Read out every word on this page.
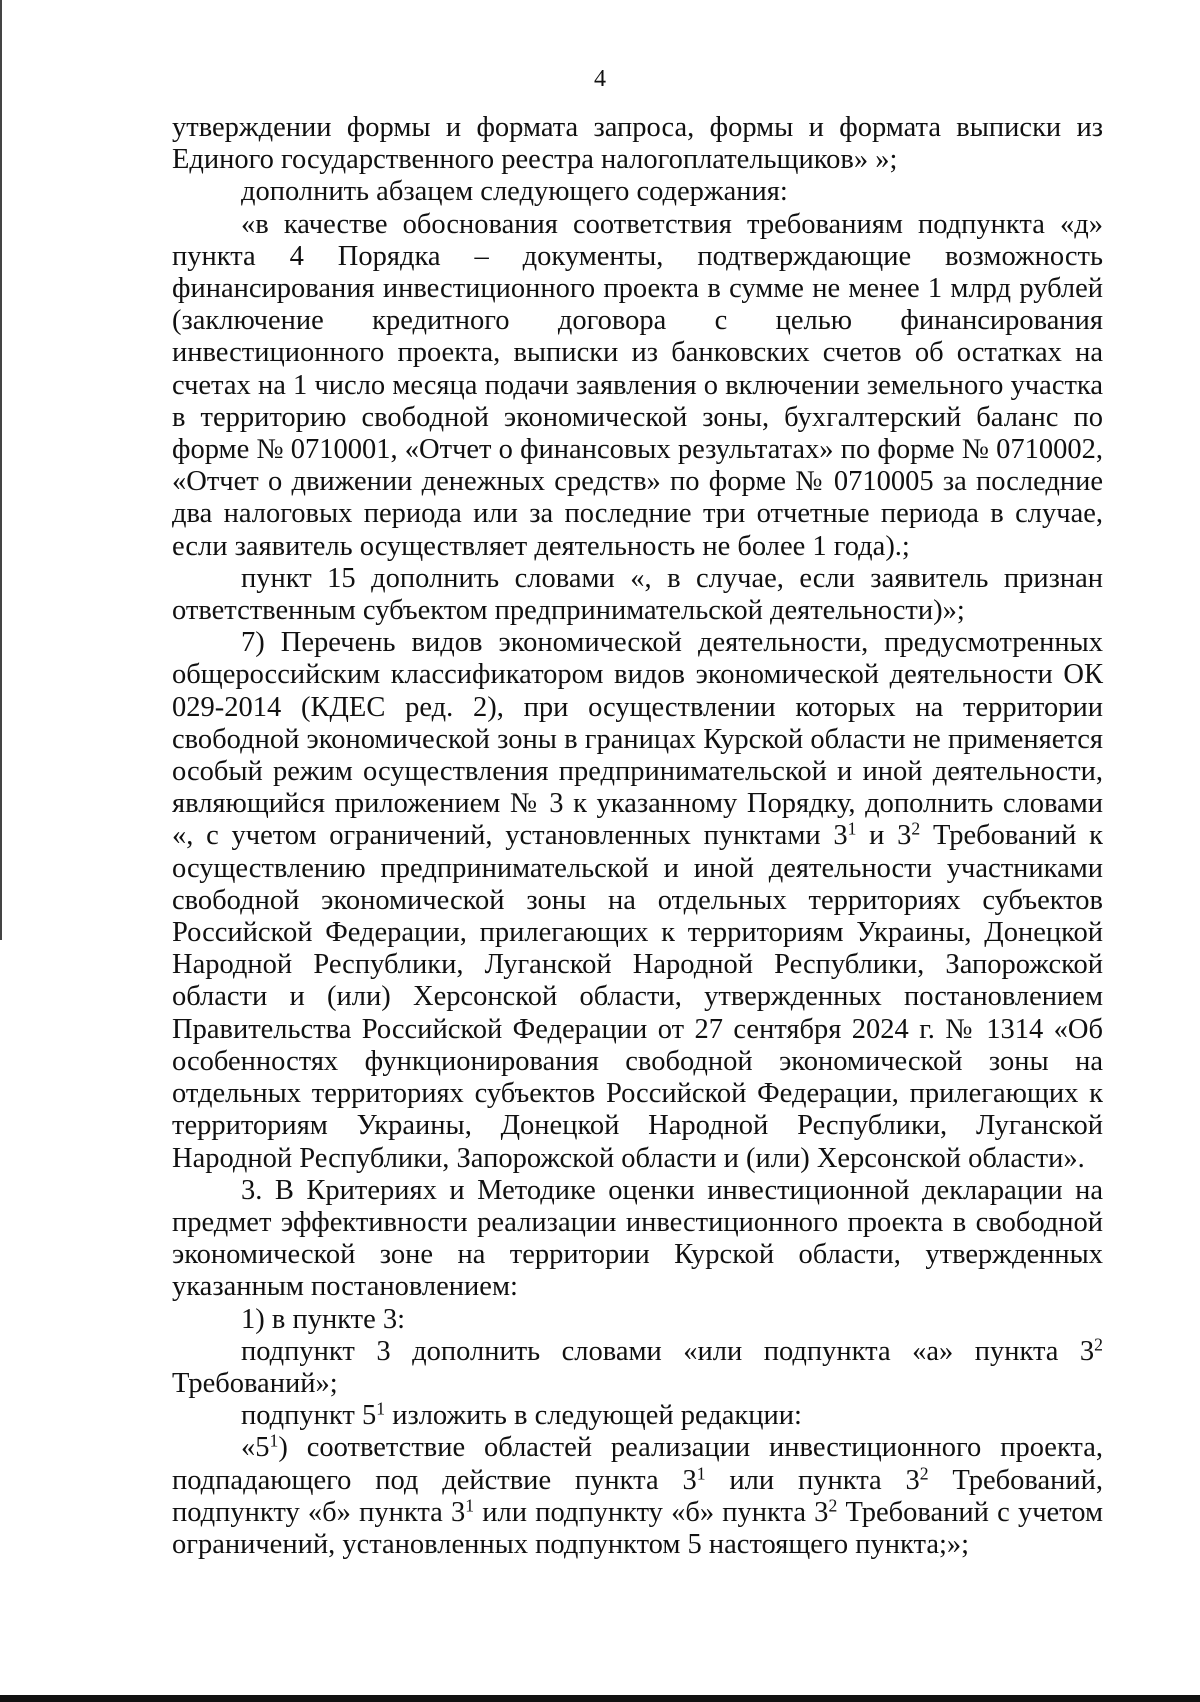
4

утверждении формы и формата запроса, формы и формата выписки из Единого государственного реестра налогоплательщиков» »;

дополнить абзацем следующего содержания:

«в качестве обоснования соответствия требованиям подпункта «д» пункта 4 Порядка – документы, подтверждающие возможность финансирования инвестиционного проекта в сумме не менее 1 млрд рублей (заключение кредитного договора с целью финансирования инвестиционного проекта, выписки из банковских счетов об остатках на счетах на 1 число месяца подачи заявления о включении земельного участка в территорию свободной экономической зоны, бухгалтерский баланс по форме № 0710001, «Отчет о финансовых результатах» по форме № 0710002, «Отчет о движении денежных средств» по форме № 0710005 за последние два налоговых периода или за последние три отчетные периода в случае, если заявитель осуществляет деятельность не более 1 года).;

пункт 15 дополнить словами «, в случае, если заявитель признан ответственным субъектом предпринимательской деятельности)»;

7) Перечень видов экономической деятельности, предусмотренных общероссийским классификатором видов экономической деятельности ОК 029-2014 (КДЕС ред. 2), при осуществлении которых на территории свободной экономической зоны в границах Курской области не применяется особый режим осуществления предпринимательской и иной деятельности, являющийся приложением № 3 к указанному Порядку, дополнить словами «, с учетом ограничений, установленных пунктами $3^1$ и $3^2$ Требований к осуществлению предпринимательской и иной деятельности участниками свободной экономической зоны на отдельных территориях субъектов Российской Федерации, прилегающих к территориям Украины, Донецкой Народной Республики, Луганской Народной Республики, Запорожской области и (или) Херсонской области, утвержденных постановлением Правительства Российской Федерации от 27 сентября 2024 г. № 1314 «Об особенностях функционирования свободной экономической зоны на отдельных территориях субъектов Российской Федерации, прилегающих к территориям Украины, Донецкой Народной Республики, Луганской Народной Республики, Запорожской области и (или) Херсонской области».

3. В Критериях и Методике оценки инвестиционной декларации на предмет эффективности реализации инвестиционного проекта в свободной экономической зоне на территории Курской области, утвержденных указанным постановлением:

1) в пункте 3:

подпункт 3 дополнить словами «или подпункта «а» пункта $3^2$ Требований»;

подпункт $5^1$ изложить в следующей редакции:

«$5^1$) соответствие областей реализации инвестиционного проекта, подпадающего под действие пункта $3^1$ или пункта $3^2$ Требований, подпункту «б» пункта $3^1$ или подпункту «б» пункта $3^2$ Требований с учетом ограничений, установленных подпунктом 5 настоящего пункта;»;
